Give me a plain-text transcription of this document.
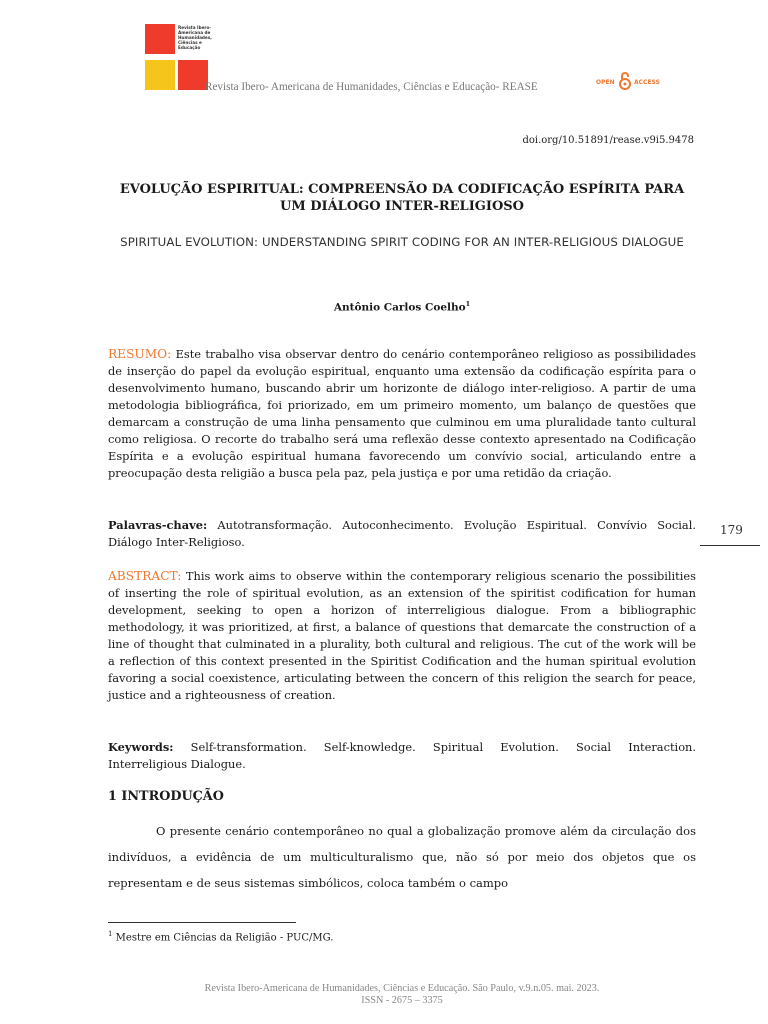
Revista Ibero-Americana de Humanidades, Ciências e Educação
Revista Ibero- Americana de Humanidades, Ciências e Educação- REASE	OPEN	ACCESS
doi.org/10.51891/rease.v9i5.9478
EVOLUÇÃO ESPIRITUAL: COMPREENSÃO DA CODIFICAÇÃO ESPÍRITA PARA UM DIÁLOGO INTER-RELIGIOSO
SPIRITUAL EVOLUTION: UNDERSTANDING SPIRIT CODING FOR AN INTER-RELIGIOUS DIALOGUE
Antônio Carlos Coelho$^1$
RESUMO: Este trabalho visa observar dentro do cenário contemporâneo religioso as possibilidades de inserção do papel da evolução espiritual, enquanto uma extensão da codificação espírita para o desenvolvimento humano, buscando abrir um horizonte de diálogo inter-religioso. A partir de uma metodologia bibliográfica, foi priorizado, em um primeiro momento, um balanço de questões que demarcam a construção de uma linha pensamento que culminou em uma pluralidade tanto cultural como religiosa. O recorte do trabalho será uma reflexão desse contexto apresentado na Codificação Espírita e a evolução espiritual humana favorecendo um convívio social, articulando entre a preocupação desta religião a busca pela paz, pela justiça e por uma retidão da criação.
Palavras-chave: Autotransformação. Autoconhecimento. Evolução Espiritual. Convívio Social. Diálogo Inter-Religioso.
179
ABSTRACT: This work aims to observe within the contemporary religious scenario the possibilities of inserting the role of spiritual evolution, as an extension of the spiritist codification for human development, seeking to open a horizon of interreligious dialogue. From a bibliographic methodology, it was prioritized, at first, a balance of questions that demarcate the construction of a line of thought that culminated in a plurality, both cultural and religious. The cut of the work will be a reflection of this context presented in the Spiritist Codification and the human spiritual evolution favoring a social coexistence, articulating between the concern of this religion the search for peace, justice and a righteousness of creation.
Keywords: Self-transformation. Self-knowledge. Spiritual Evolution. Social Interaction. Interreligious Dialogue.
1 INTRODUÇÃO
O presente cenário contemporâneo no qual a globalização promove além da circulação dos indivíduos, a evidência de um multiculturalismo que, não só por meio dos objetos que os representam e de seus sistemas simbólicos, coloca também o campo
$^1$ Mestre em Ciências da Religião - PUC/MG.
Revista Ibero-Americana de Humanidades, Ciências e Educação. São Paulo, v.9.n.05. mai. 2023.
ISSN - 2675 – 3375
